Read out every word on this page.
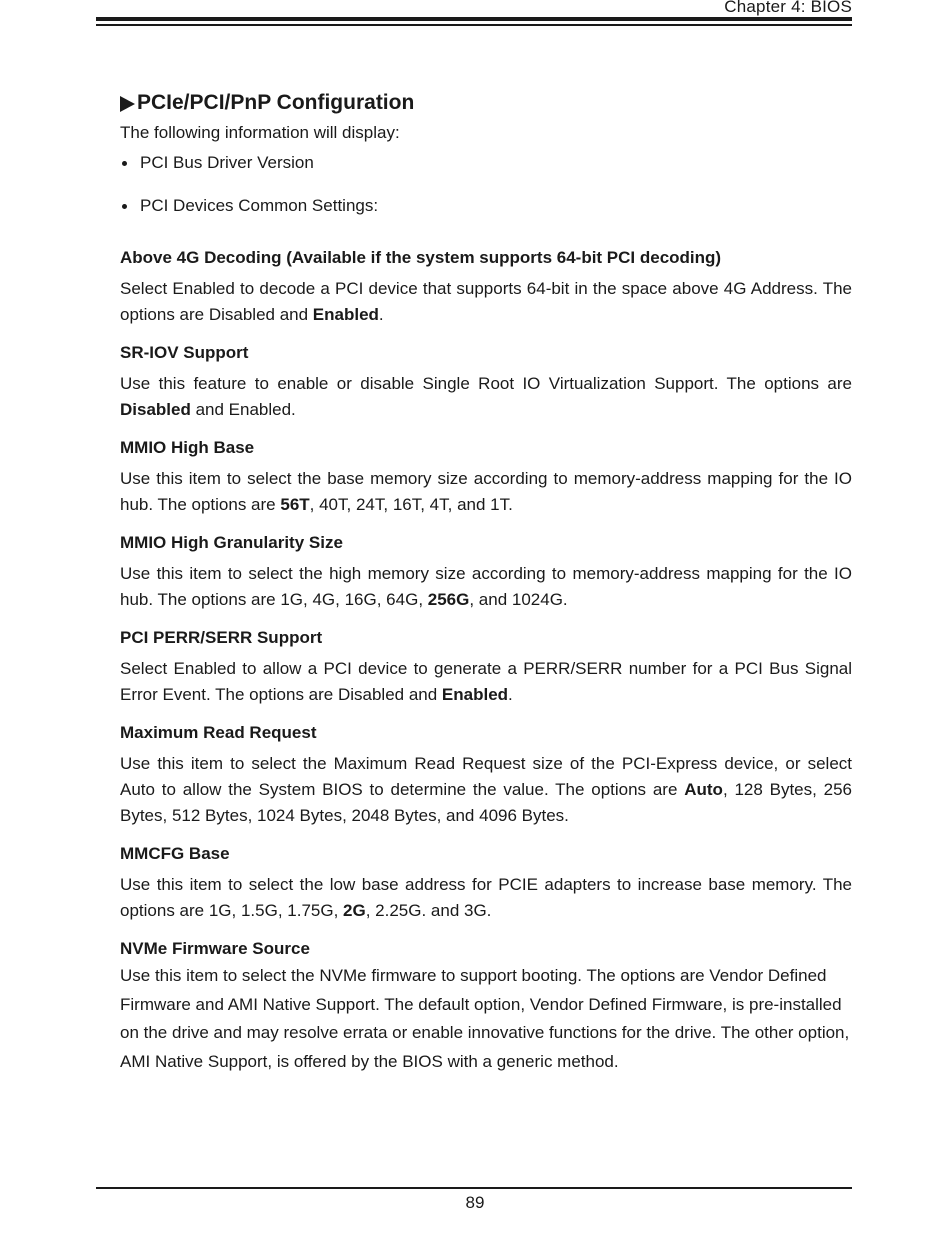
Chapter 4: BIOS
PCIe/PCI/PnP Configuration

The following information will display:

PCI Bus Driver Version
PCI Devices Common Settings:
Above 4G Decoding (Available if the system supports 64-bit PCI decoding)

Select Enabled to decode a PCI device that supports 64-bit in the space above 4G Address. The options are Disabled and Enabled.

SR-IOV Support

Use this feature to enable or disable Single Root IO Virtualization Support. The options are Disabled and Enabled.

MMIO High Base

Use this item to select the base memory size according to memory-address mapping for the IO hub. The options are 56T, 40T, 24T, 16T, 4T, and 1T.

MMIO High Granularity Size

Use this item to select the high memory size according to memory-address mapping for the IO hub. The options are 1G, 4G, 16G, 64G, 256G, and 1024G.

PCI PERR/SERR Support

Select Enabled to allow a PCI device to generate a PERR/SERR number for a PCI Bus Signal Error Event. The options are Disabled and Enabled.

Maximum Read Request

Use this item to select the Maximum Read Request size of the PCI-Express device, or select Auto to allow the System BIOS to determine the value. The options are Auto, 128 Bytes, 256 Bytes, 512 Bytes, 1024 Bytes, 2048 Bytes, and 4096 Bytes.

MMCFG Base

Use this item to select the low base address for PCIE adapters to increase base memory. The options are 1G, 1.5G, 1.75G, 2G, 2.25G. and 3G.

NVMe Firmware Source

Use this item to select the NVMe firmware to support booting. The options are Vendor Defined Firmware and AMI Native Support. The default option, Vendor Defined Firmware, is pre-installed on the drive and may resolve errata or enable innovative functions for the drive. The other option, AMI Native Support, is offered by the BIOS with a generic method.

89
